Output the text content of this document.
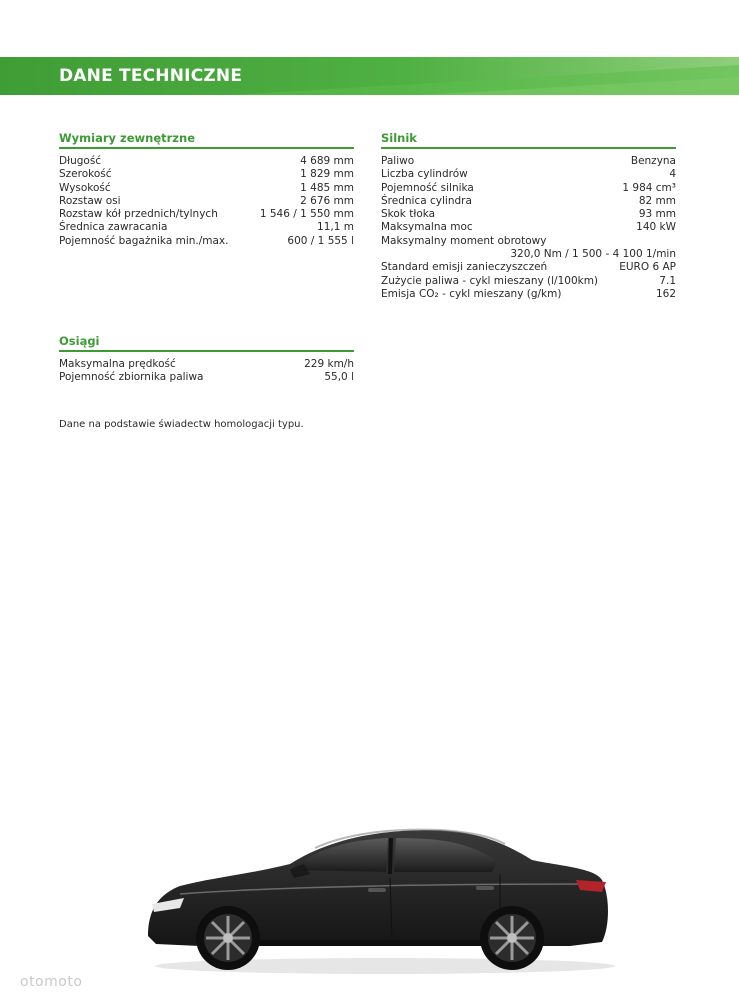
DANE TECHNICZNE
Wymiary zewnętrzne
Długość	4 689 mm
Szerokość	1 829 mm
Wysokość	1 485 mm
Rozstaw osi	2 676 mm
Rozstaw kół przednich/tylnych	1 546 / 1 550 mm
Średnica zawracania	11,1 m
Pojemność bagażnika min./max.	600 / 1 555 l
Silnik
Paliwo	Benzyna
Liczba cylindrów	4
Pojemność silnika	1 984 cm³
Średnica cylindra	82 mm
Skok tłoka	93 mm
Maksymalna moc	140 kW
Maksymalny moment obrotowy
320,0 Nm / 1 500 - 4 100 1/min
Standard emisji zanieczyszczeń	EURO 6 AP
Zużycie paliwa - cykl mieszany (l/100km)	7.1
Emisja CO₂ - cykl mieszany (g/km)	162
Osiągi
Maksymalna prędkość	229 km/h
Pojemność zbiornika paliwa	55,0 l
Dane na podstawie świadectw homologacji typu.
otomoto
